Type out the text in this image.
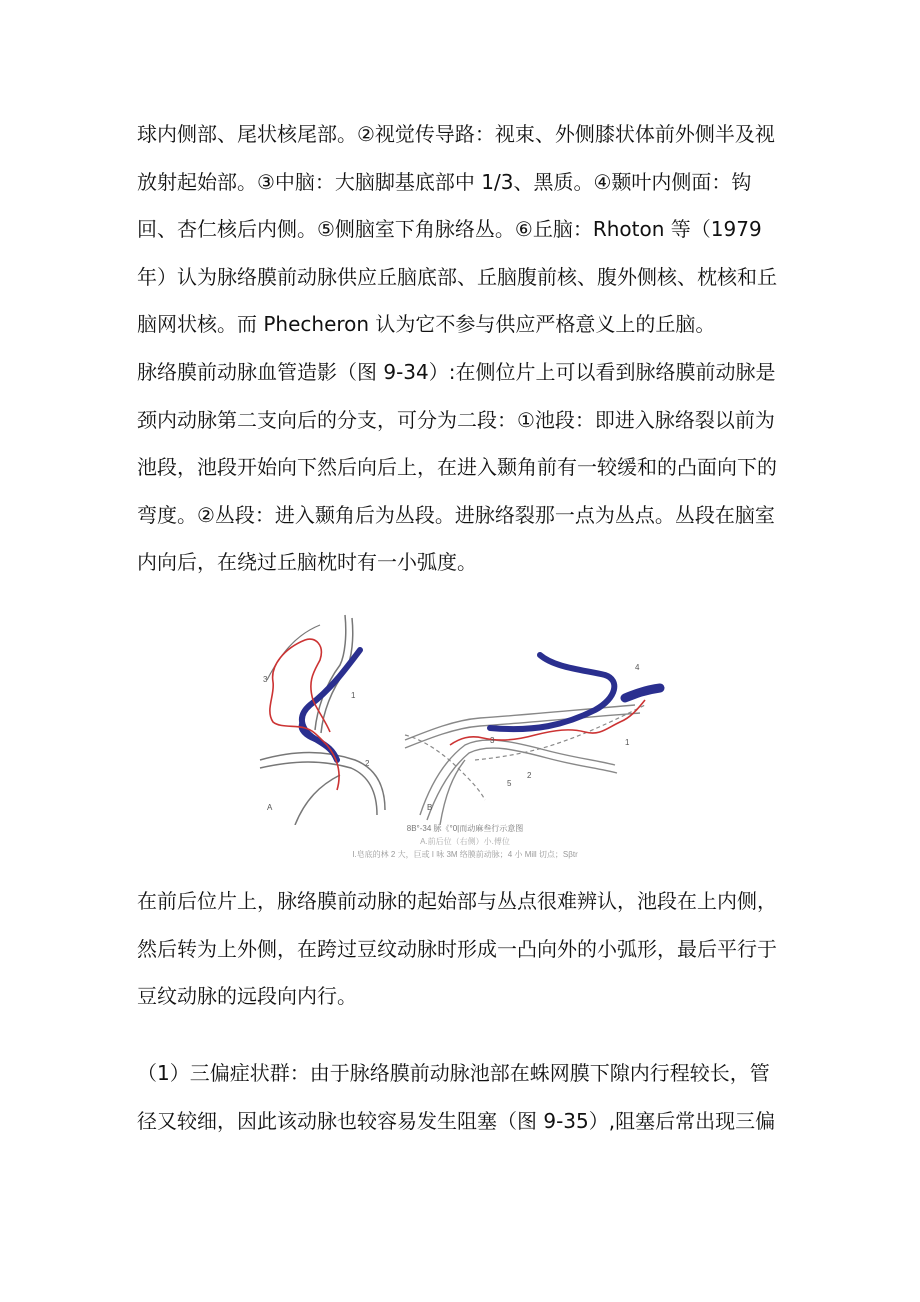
球内侧部、尾状核尾部。②视觉传导路：视束、外侧膝状体前外侧半及视
放射起始部。③中脑：大脑脚基底部中 1/3、黑质。④颞叶内侧面：钩
回、杏仁核后内侧。⑤侧脑室下角脉络丛。⑥丘脑：Rhoton 等（1979
年）认为脉络膜前动脉供应丘脑底部、丘脑腹前核、腹外侧核、枕核和丘
脑网状核。而 Phecheron 认为它不参与供应严格意义上的丘脑。
脉络膜前动脉血管造影（图 9-34）:在侧位片上可以看到脉络膜前动脉是
颈内动脉第二支向后的分支，可分为二段：①池段：即进入脉络裂以前为
池段，池段开始向下然后向后上，在进入颞角前有一较缓和的凸面向下的
弯度。②丛段：进入颞角后为丛段。进脉络裂那一点为丛点。丛段在脑室
内向后，在绕过丘脑枕时有一小弧度。
3
1
2
A
4
3	1
2
5
B
8B°-34 脉《°0|而动麻叁行示意图
A.前后位（右侧）小.傅位
I.皂底的林 2 大，巨或 I 咏 3M 络膜前动脉；4 小 Mill 切点；Sβtr
在前后位片上，脉络膜前动脉的起始部与丛点很难辨认，池段在上内侧，
然后转为上外侧，在跨过豆纹动脉时形成一凸向外的小弧形，最后平行于
豆纹动脉的远段向内行。
（1）三偏症状群：由于脉络膜前动脉池部在蛛网膜下隙内行程较长，管
径又较细，因此该动脉也较容易发生阻塞（图 9-35）,阻塞后常出现三偏
